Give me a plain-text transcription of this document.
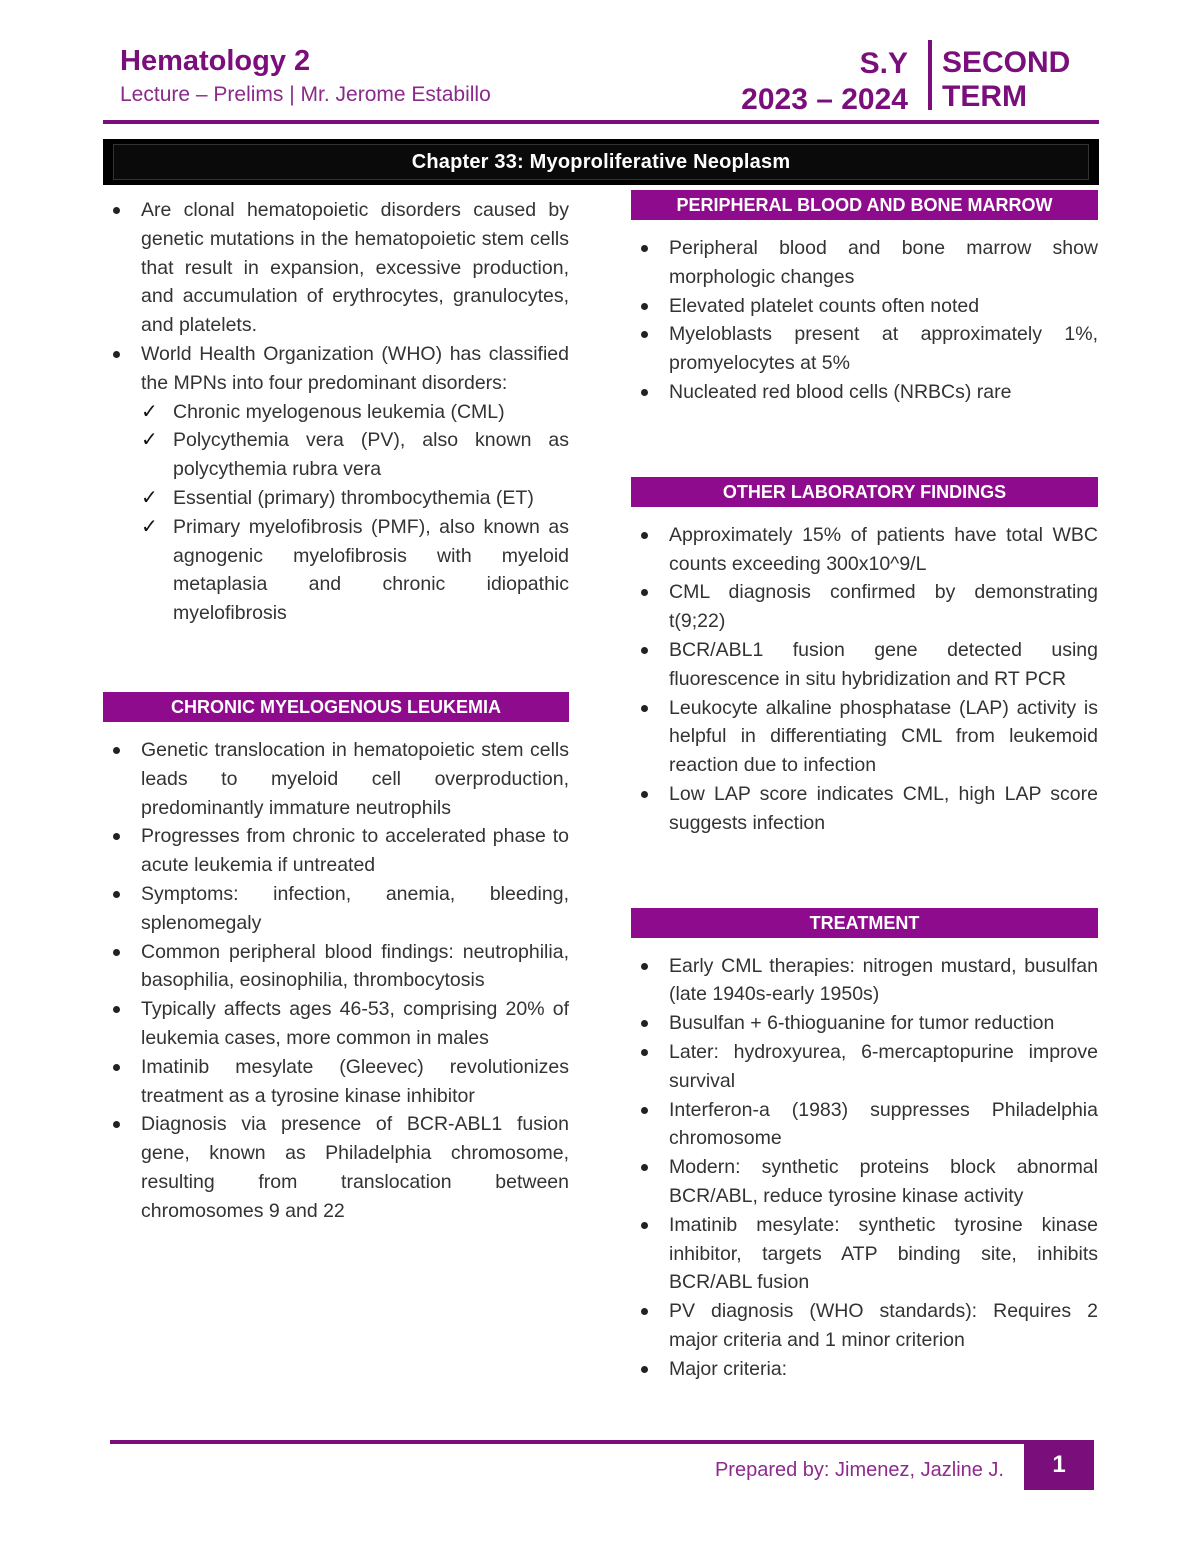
Hematology 2
Lecture – Prelims | Mr. Jerome Estabillo
S.Y
2023 – 2024
SECOND
TERM
Chapter 33: Myoproliferative Neoplasm
Are clonal hematopoietic disorders caused by genetic mutations in the hematopoietic stem cells that result in expansion, excessive production, and accumulation of erythrocytes, granulocytes, and platelets.
World Health Organization (WHO) has classified the MPNs into four predominant disorders:
✓ Chronic myelogenous leukemia (CML)
✓ Polycythemia vera (PV), also known as polycythemia rubra vera
✓ Essential (primary) thrombocythemia (ET)
✓ Primary myelofibrosis (PMF), also known as agnogenic myelofibrosis with myeloid metaplasia and chronic idiopathic myelofibrosis
CHRONIC MYELOGENOUS LEUKEMIA
Genetic translocation in hematopoietic stem cells leads to myeloid cell overproduction, predominantly immature neutrophils
Progresses from chronic to accelerated phase to acute leukemia if untreated
Symptoms: infection, anemia, bleeding, splenomegaly
Common peripheral blood findings: neutrophilia, basophilia, eosinophilia, thrombocytosis
Typically affects ages 46-53, comprising 20% of leukemia cases, more common in males
Imatinib mesylate (Gleevec) revolutionizes treatment as a tyrosine kinase inhibitor
Diagnosis via presence of BCR-ABL1 fusion gene, known as Philadelphia chromosome, resulting from translocation between chromosomes 9 and 22
PERIPHERAL BLOOD AND BONE MARROW
Peripheral blood and bone marrow show morphologic changes
Elevated platelet counts often noted
Myeloblasts present at approximately 1%, promyelocytes at 5%
Nucleated red blood cells (NRBCs) rare
OTHER LABORATORY FINDINGS
Approximately 15% of patients have total WBC counts exceeding 300x10^9/L
CML diagnosis confirmed by demonstrating t(9;22)
BCR/ABL1 fusion gene detected using fluorescence in situ hybridization and RT PCR
Leukocyte alkaline phosphatase (LAP) activity is helpful in differentiating CML from leukemoid reaction due to infection
Low LAP score indicates CML, high LAP score suggests infection
TREATMENT
Early CML therapies: nitrogen mustard, busulfan (late 1940s-early 1950s)
Busulfan + 6-thioguanine for tumor reduction
Later: hydroxyurea, 6-mercaptopurine improve survival
Interferon-a (1983) suppresses Philadelphia chromosome
Modern: synthetic proteins block abnormal BCR/ABL, reduce tyrosine kinase activity
Imatinib mesylate: synthetic tyrosine kinase inhibitor, targets ATP binding site, inhibits BCR/ABL fusion
PV diagnosis (WHO standards): Requires 2 major criteria and 1 minor criterion
Major criteria:
Prepared by: Jimenez, Jazline J.	1
